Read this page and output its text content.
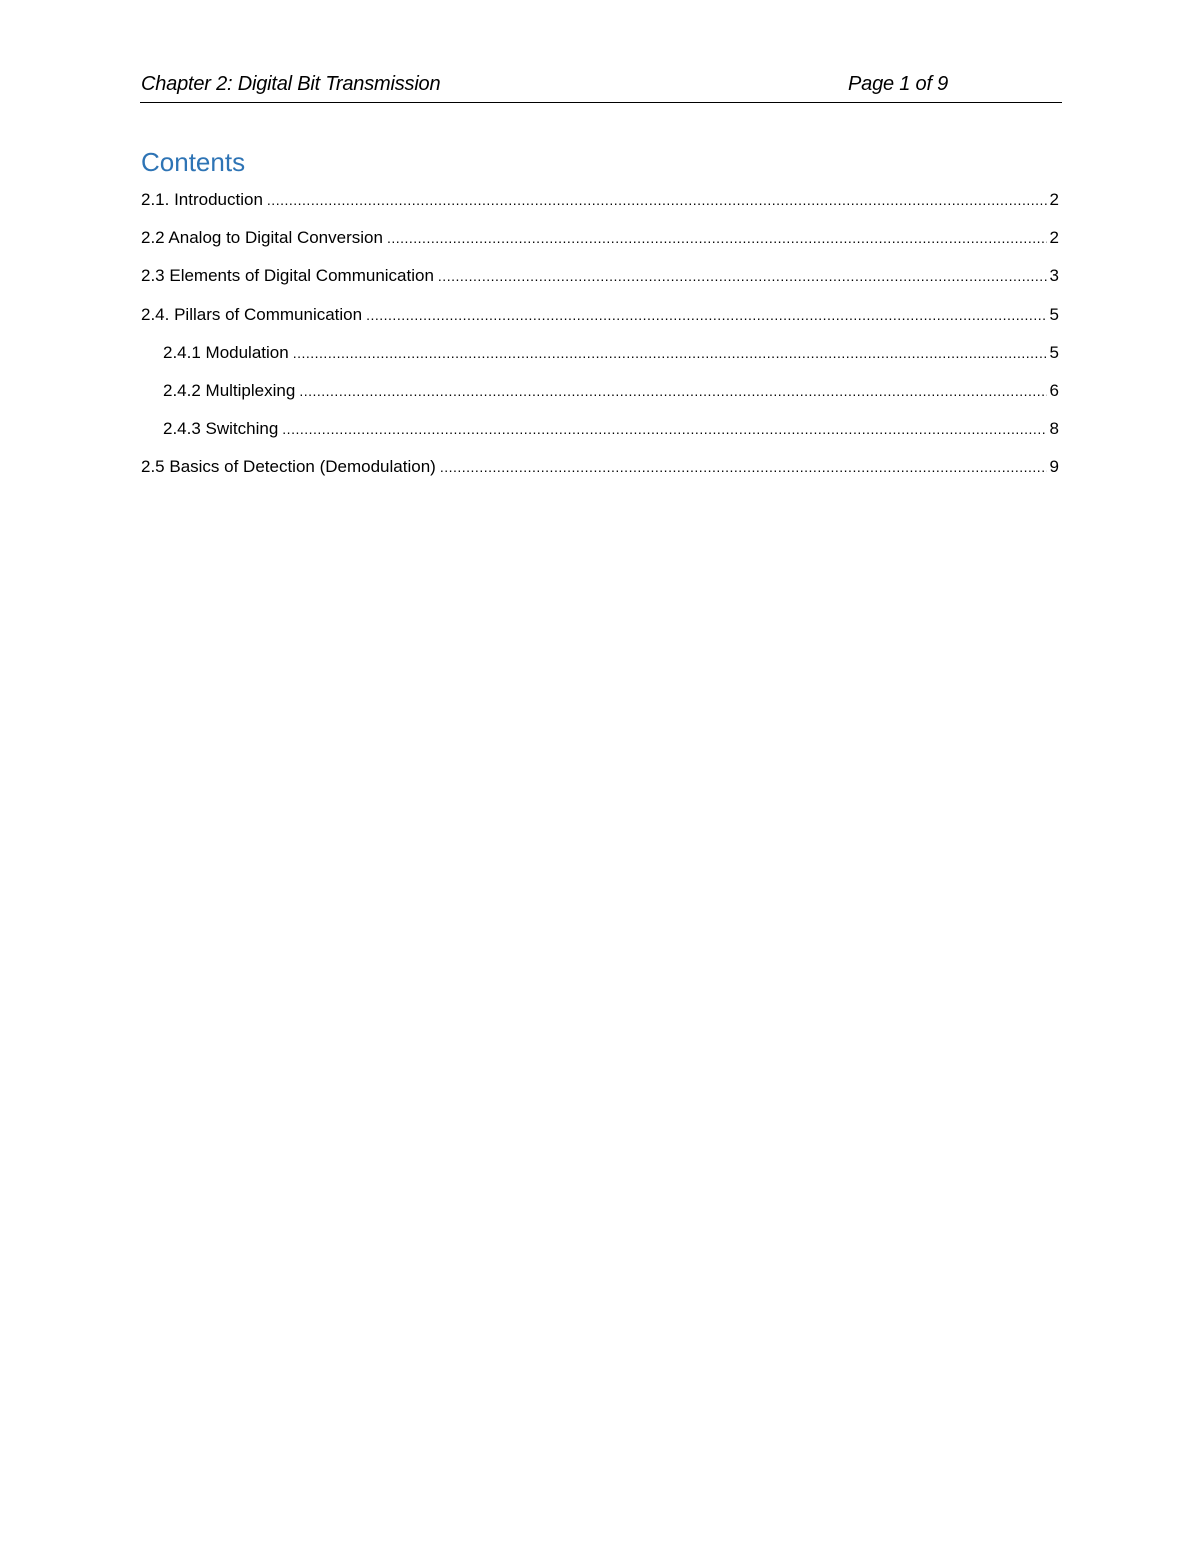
Chapter 2: Digital Bit Transmission	Page 1 of 9
Contents
2.1. Introduction .....	2
2.2 Analog to Digital Conversion .....	2
2.3 Elements of Digital Communication .....	3
2.4. Pillars of Communication .....	5
2.4.1 Modulation .....	5
2.4.2 Multiplexing .....	6
2.4.3 Switching .....	8
2.5 Basics of Detection (Demodulation) .....	9
